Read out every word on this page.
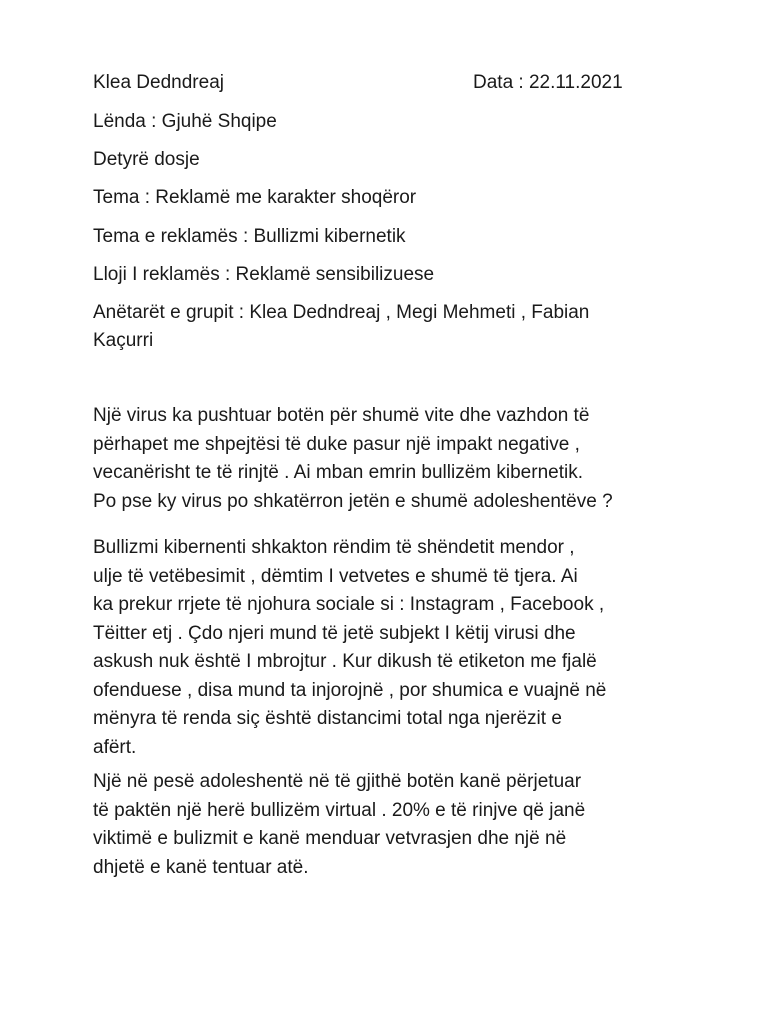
Klea Dedndreaj	Data : 22.11.2021
Lënda : Gjuhë Shqipe
Detyrë dosje
Tema : Reklamë me karakter shoqëror
Tema e reklamës : Bullizmi kibernetik
Lloji I reklamës : Reklamë sensibilizuese
Anëtarët e grupit : Klea Dedndreaj , Megi Mehmeti , Fabian
Kaçurri
Një virus ka pushtuar botën për shumë vite dhe vazhdon të
përhapet me shpejtësi të duke pasur një impakt negative ,
vecanërisht te të rinjtë . Ai mban emrin bullizëm kibernetik.
Po pse ky virus po shkatërron jetën e shumë adoleshentëve ?
Bullizmi kibernenti shkakton rëndim të shëndetit mendor ,
ulje të vetëbesimit , dëmtim I vetvetes e shumë të tjera. Ai
ka prekur rrjete të njohura sociale si : Instagram , Facebook ,
Tëitter etj . Çdo njeri mund të jetë subjekt I këtij virusi dhe
askush nuk është I mbrojtur . Kur dikush të etiketon me fjalë
ofenduese , disa mund ta injorojnë , por shumica e vuajnë në
mënyra të renda siç është distancimi total nga njerëzit e
afërt.
Një në pesë adoleshentë në të gjithë botën kanë përjetuar
të paktën një herë bullizëm virtual . 20% e të rinjve që janë
viktimë e bulizmit e kanë menduar vetvrasjen dhe një në
dhjetë e kanë tentuar atë.
